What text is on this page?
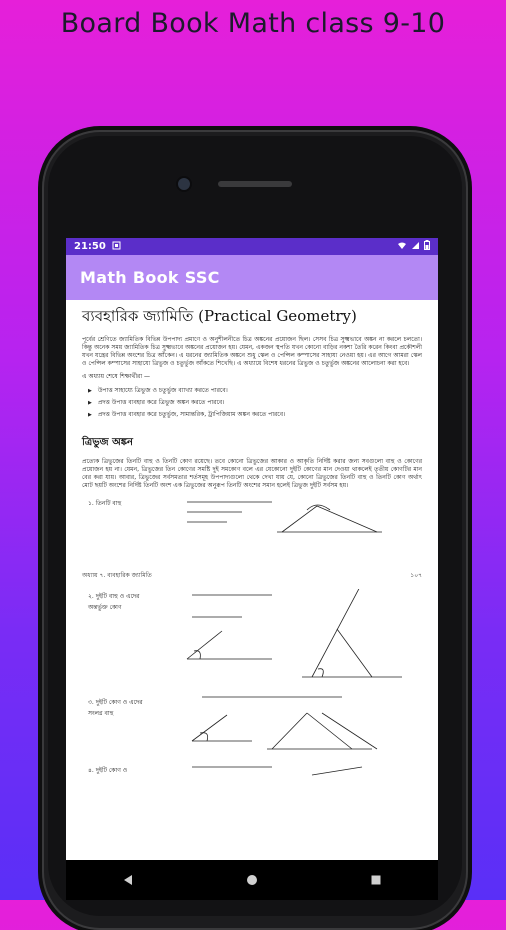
Board Book Math class 9-10
21:50
Math Book SSC
ব্যবহারিক জ্যামিতি (Practical Geometry)
পূর্বের শ্রেণিতে জ্যামিতিক বিভিন্ন উপপাদ্য প্রমাণে ও অনুশীলনীতে চিত্র অঙ্কনের প্রয়োজন ছিল। সেসব চিত্র সুক্ষ্মভাবে অঙ্কন না করলে চলতো। কিন্তু অনেক সময় জ্যামিতিক চিত্র সুক্ষ্মভাবে অঙ্কনের প্রয়োজন হয়। যেমন, একজন স্থপতি যখন কোনো বাড়ির নকশা তৈরি করেন কিংবা প্রকৌশলী যখন যন্ত্রের বিভিন্ন অংশের চিত্র আঁকেন। এ ধরনের জ্যামিতিক অঙ্কনে শুধু স্কেল ও পেন্সিল কম্পাসের সাহায্য নেওয়া হয়। এর আগে আমরা স্কেল ও পেন্সিল কম্পাসের সাহায্যে ত্রিভুজ ও চতুর্ভুজ আঁকতে শিখেছি। এ অধ্যায়ে বিশেষ ধরনের ত্রিভুজ ও চতুর্ভুজ অঙ্কনের আলোচনা করা হবে।
এ অধ্যায় শেষে শিক্ষার্থীরা —
▶ উপাত্ত সাহায্যে ত্রিভুজ ও চতুর্ভুজ ব্যাখ্যা করতে পারবে।
▶ প্রদত্ত উপাত্ত ব্যবহার করে ত্রিভুজ অঙ্কন করতে পারবে।
▶ প্রদত্ত উপাত্ত ব্যবহার করে চতুর্ভুজ, সামান্তরিক, ট্রাপিজিয়াম অঙ্কন করতে পারবে।
ত্রিভুজ অঙ্কন
প্রত্যেক ত্রিভুজের তিনটি বাহু ও তিনটি কোণ রয়েছে। তবে কোনো ত্রিভুজের আকার ও আকৃতি নির্দিষ্ট করার জন্য সবগুলো বাহু ও কোণের প্রয়োজন হয় না। যেমন, ত্রিভুজের তিন কোণের সমষ্টি দুই সমকোণ বলে এর যেকোনো দুইটি কোণের মান দেওয়া থাকলেই তৃতীয় কোণটির মান বের করা যায়। আবার, ত্রিভুজের সর্বসমতার শর্তসমূহ উপপাদ্যগুলো থেকে দেখা যায় যে, কোনো ত্রিভুজের তিনটি বাহু ও তিনটি কোণ অর্থাৎ মোট ছয়টি অংশের নির্দিষ্ট তিনটি অংশ এক ত্রিভুজের অনুরূপ তিনটি অংশের সমান হলেই ত্রিভুজ দুইটি সর্বসম হয়।
১. তিনটি বাহু
অধ্যায় ৭. ব্যবহারিক জ্যামিতি	১০৭
২. দুইটি বাহু ও এদের অন্তর্ভুক্ত কোণ
৩. দুইটি কোণ ও এদের সংলগ্ন বাহু
৪. দুইটি কোণ ও
